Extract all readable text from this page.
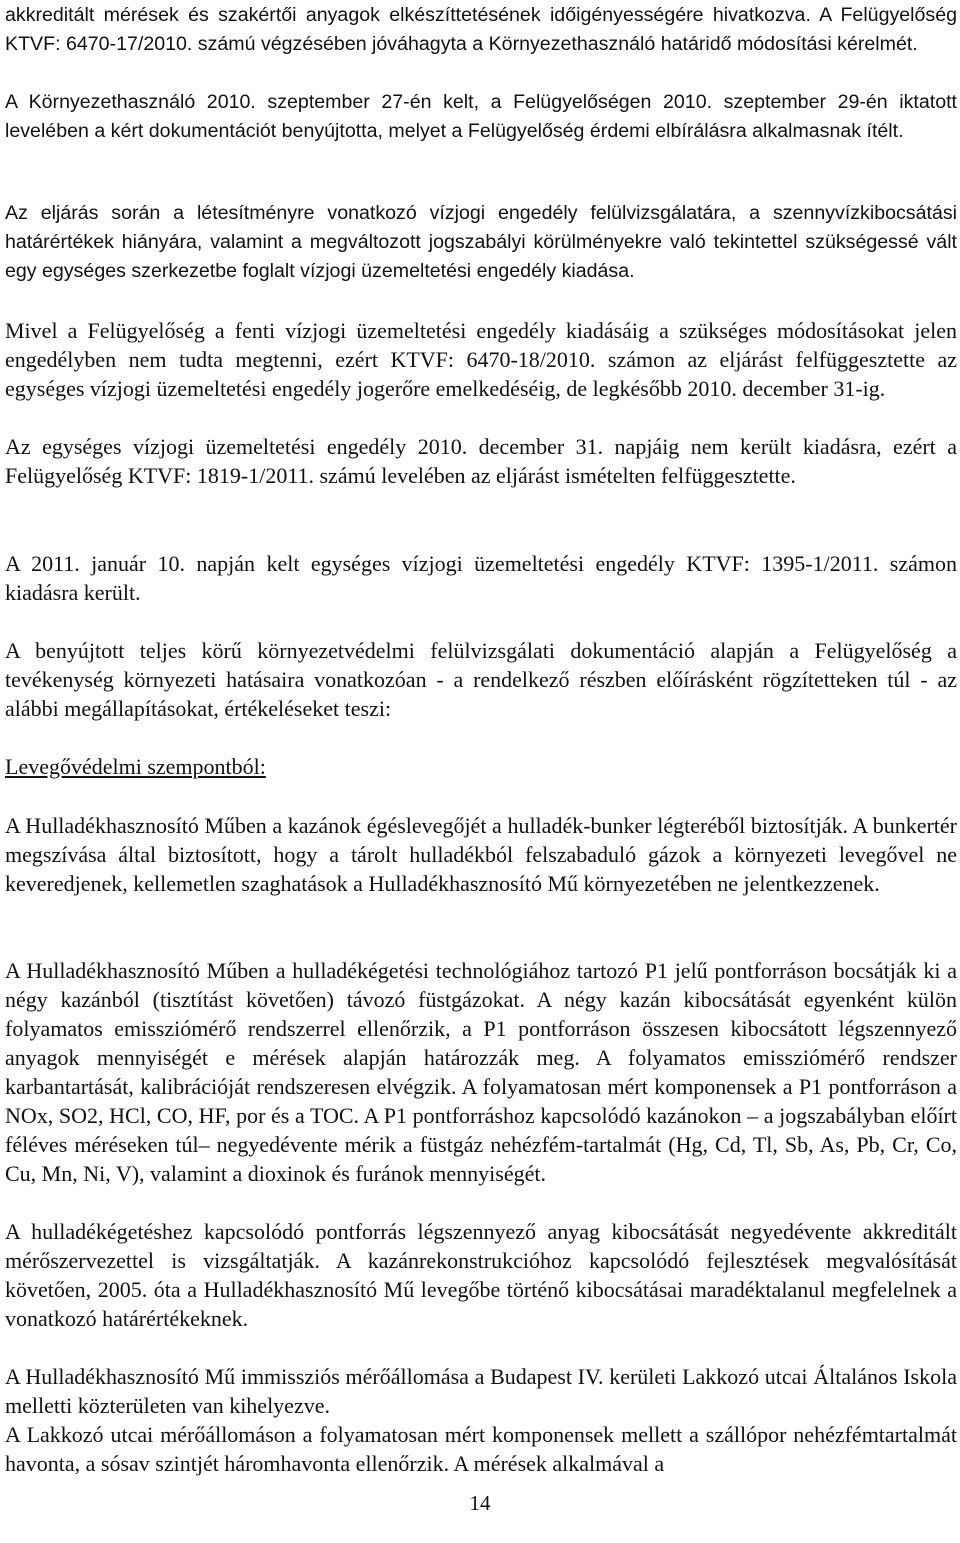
akkreditált mérések és szakértői anyagok elkészíttetésének időigényességére hivatkozva. A Felügyelőség KTVF: 6470-17/2010. számú végzésében jóváhagyta a Környezethasználó határidő módosítási kérelmét.

A Környezethasználó 2010. szeptember 27-én kelt, a Felügyelőségen 2010. szeptember 29-én iktatott levelében a kért dokumentációt benyújtotta, melyet a Felügyelőség érdemi elbírálásra alkalmasnak ítélt.

Az eljárás során a létesítményre vonatkozó vízjogi engedély felülvizsgálatára, a szennyvízkibocsátási határértékek hiányára, valamint a megváltozott jogszabályi körülményekre való tekintettel szükségessé vált egy egységes szerkezetbe foglalt vízjogi üzemeltetési engedély kiadása.

Mivel a Felügyelőség a fenti vízjogi üzemeltetési engedély kiadásáig a szükséges módosításokat jelen engedélyben nem tudta megtenni, ezért KTVF: 6470-18/2010. számon az eljárást felfüggesztette az egységes vízjogi üzemeltetési engedély jogerőre emelkedéséig, de legkésőbb 2010. december 31-ig.

Az egységes vízjogi üzemeltetési engedély 2010. december 31. napjáig nem került kiadásra, ezért a Felügyelőség KTVF: 1819-1/2011. számú levelében az eljárást ismételten felfüggesztette.

A 2011. január 10. napján kelt egységes vízjogi üzemeltetési engedély KTVF: 1395-1/2011. számon kiadásra került.

A benyújtott teljes körű környezetvédelmi felülvizsgálati dokumentáció alapján a Felügyelőség a tevékenység környezeti hatásaira vonatkozóan - a rendelkező részben előírásként rögzítetteken túl - az alábbi megállapításokat, értékeléseket teszi:

Levegővédelmi szempontból:

A Hulladékhasznosító Műben a kazánok égéslevegőjét a hulladék-bunker légteréből biztosítják. A bunkertér megszívása által biztosított, hogy a tárolt hulladékból felszabaduló gázok a környezeti levegővel ne keveredjenek, kellemetlen szaghatások a Hulladékhasznosító Mű környezetében ne jelentkezzenek.

A Hulladékhasznosító Műben a hulladékégetési technológiához tartozó P1 jelű pontforráson bocsátják ki a négy kazánból (tisztítást követően) távozó füstgázokat. A négy kazán kibocsátását egyenként külön folyamatos emissziómérő rendszerrel ellenőrzik, a P1 pontforráson összesen kibocsátott légszennyező anyagok mennyiségét e mérések alapján határozzák meg. A folyamatos emissziómérő rendszer karbantartását, kalibrációját rendszeresen elvégzik. A folyamatosan mért komponensek a P1 pontforráson a NOx, SO2, HCl, CO, HF, por és a TOC. A P1 pontforráshoz kapcsolódó kazánokon – a jogszabályban előírt féléves méréseken túl– negyedévente mérik a füstgáz nehézfém-tartalmát (Hg, Cd, Tl, Sb, As, Pb, Cr, Co, Cu, Mn, Ni, V), valamint a dioxinok és furánok mennyiségét.

A hulladékégetéshez kapcsolódó pontforrás légszennyező anyag kibocsátását negyedévente akkreditált mérőszervezettel is vizsgáltatják. A kazánrekonstrukcióhoz kapcsolódó fejlesztések megvalósítását követően, 2005. óta a Hulladékhasznosító Mű levegőbe történő kibocsátásai maradéktalanul megfelelnek a vonatkozó határértékeknek.

A Hulladékhasznosító Mű immissziós mérőállomása a Budapest IV. kerületi Lakkozó utcai Általános Iskola melletti közterületen van kihelyezve.

A Lakkozó utcai mérőállomáson a folyamatosan mért komponensek mellett a szállópor nehézfémtartalmát havonta, a sósav szintjét háromhavonta ellenőrzik. A mérések alkalmával a

14
